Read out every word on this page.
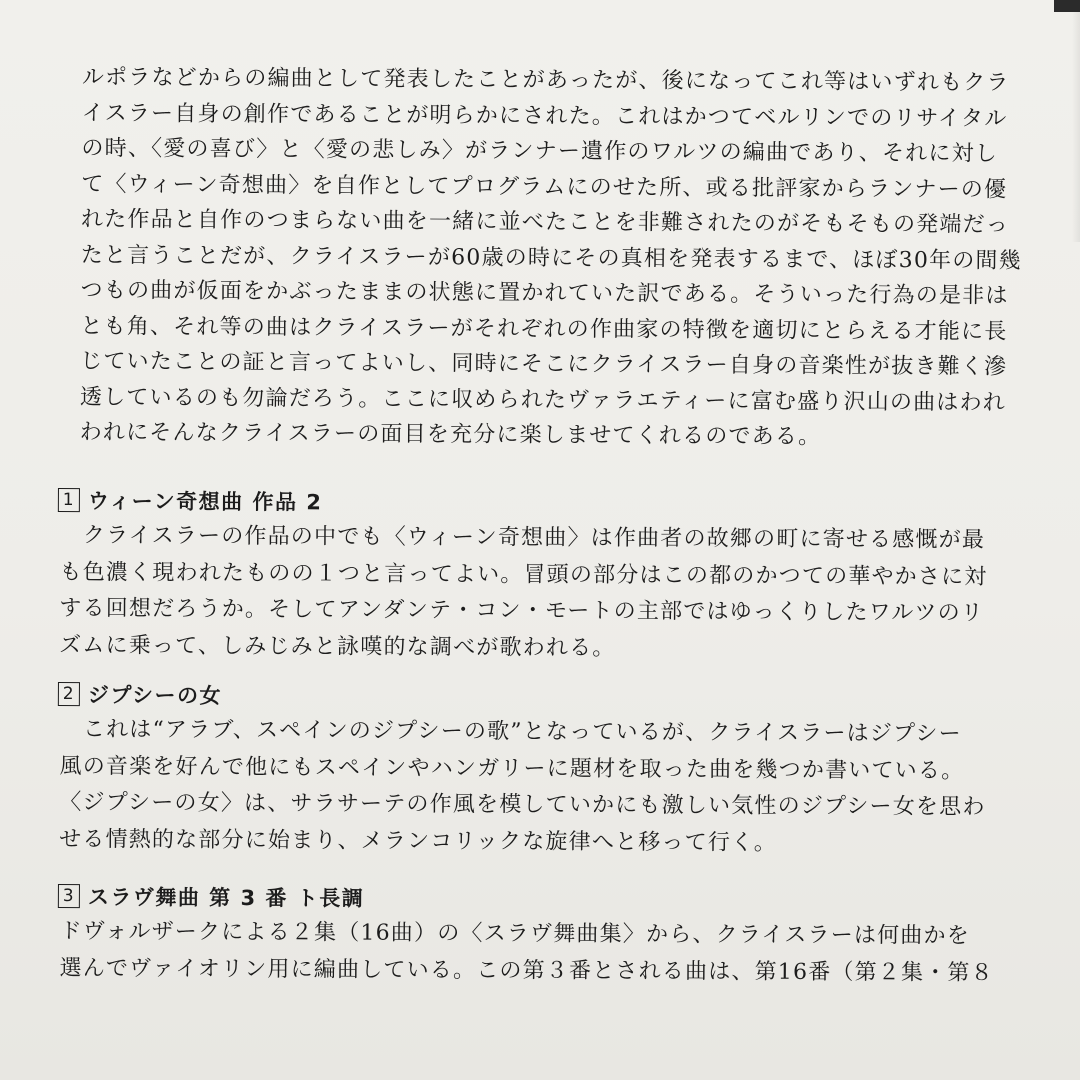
ルポラなどからの編曲として発表したことがあったが、後になってこれ等はいずれもクラ
イスラー自身の創作であることが明らかにされた。これはかつてベルリンでのリサイタル
の時、〈愛の喜び〉と〈愛の悲しみ〉がランナー遺作のワルツの編曲であり、それに対し
て〈ウィーン奇想曲〉を自作としてプログラムにのせた所、或る批評家からランナーの優
れた作品と自作のつまらない曲を一緒に並べたことを非難されたのがそもそもの発端だっ
たと言うことだが、クライスラーが60歳の時にその真相を発表するまで、ほぼ30年の間幾
つもの曲が仮面をかぶったままの状態に置かれていた訳である。そういった行為の是非は
とも角、それ等の曲はクライスラーがそれぞれの作曲家の特徴を適切にとらえる才能に長
じていたことの証と言ってよいし、同時にそこにクライスラー自身の音楽性が抜き難く滲
透しているのも勿論だろう。ここに収められたヴァラエティーに富む盛り沢山の曲はわれ
われにそんなクライスラーの面目を充分に楽しませてくれるのである。
1 ウィーン奇想曲 作品 2
　クライスラーの作品の中でも〈ウィーン奇想曲〉は作曲者の故郷の町に寄せる感慨が最
も色濃く現われたものの１つと言ってよい。冒頭の部分はこの都のかつての華やかさに対
する回想だろうか。そしてアンダンテ・コン・モートの主部ではゆっくりしたワルツのリ
ズムに乗って、しみじみと詠嘆的な調べが歌われる。
2 ジプシーの女
　これは“アラブ、スペインのジプシーの歌”となっているが、クライスラーはジプシー
風の音楽を好んで他にもスペインやハンガリーに題材を取った曲を幾つか書いている。
〈ジプシーの女〉は、サラサーテの作風を模していかにも激しい気性のジプシー女を思わ
せる情熱的な部分に始まり、メランコリックな旋律へと移って行く。
3 スラヴ舞曲 第 3 番 ト長調
ドヴォルザークによる２集（16曲）の〈スラヴ舞曲集〉から、クライスラーは何曲かを
選んでヴァイオリン用に編曲している。この第３番とされる曲は、第16番（第２集・第８
